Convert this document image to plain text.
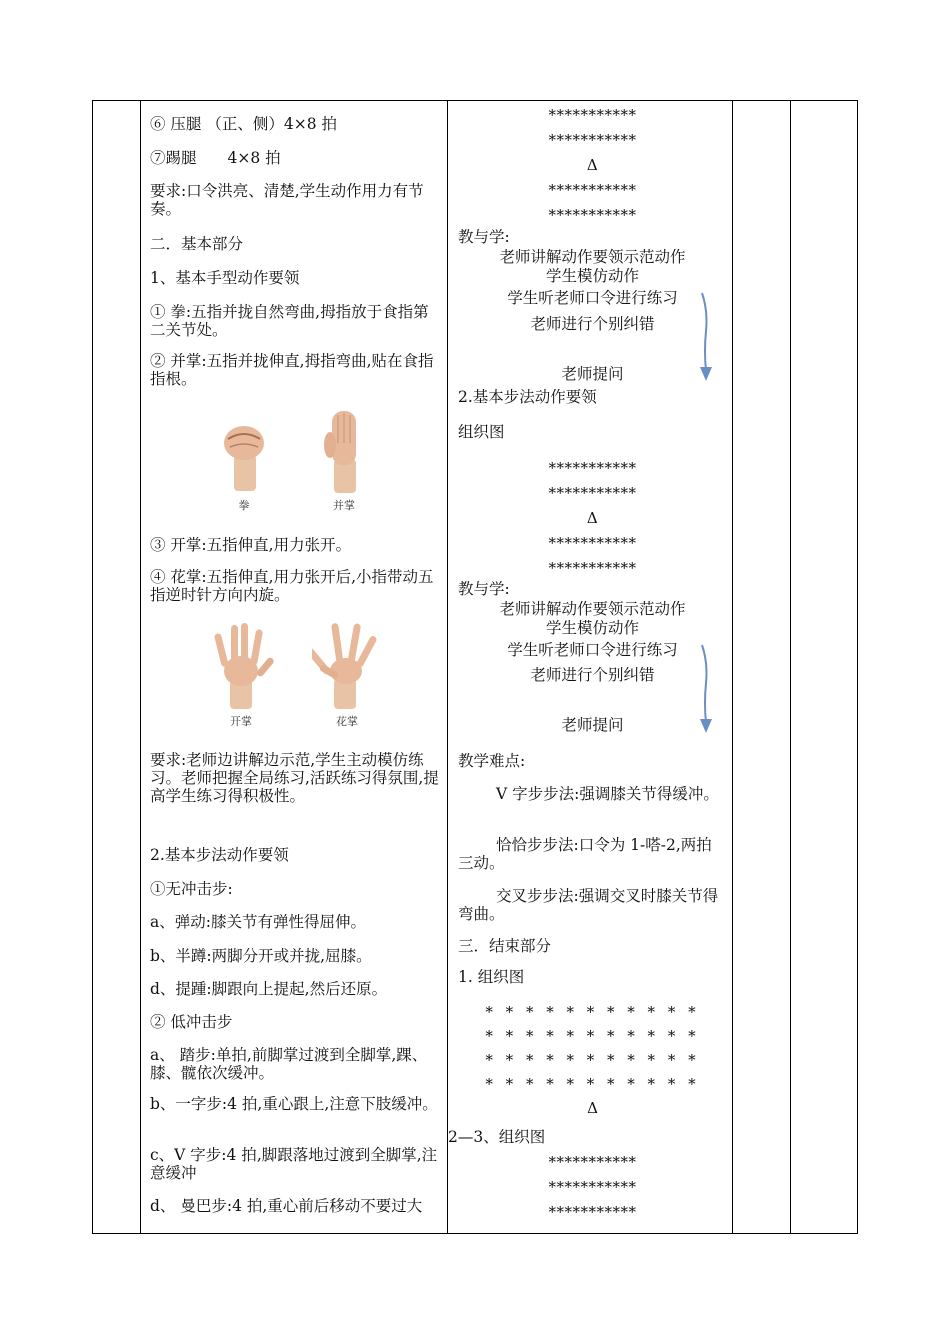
⑥ 压腿 （正、侧）4×8 拍

⑦踢腿　　4×8 拍

要求:口令洪亮、清楚,学生动作用力有节奏。

二．基本部分

1、基本手型动作要领

① 拳:五指并拢自然弯曲,拇指放于食指第二关节处。

② 并掌:五指并拢伸直,拇指弯曲,贴在食指指根。

拳	并掌

③ 开掌:五指伸直,用力张开。

④ 花掌:五指伸直,用力张开后,小指带动五指逆时针方向内旋。

开掌	花掌

要求:老师边讲解边示范,学生主动模仿练习。老师把握全局练习,活跃练习得氛围,提高学生练习得积极性。

2.基本步法动作要领

①无冲击步:

a、弹动:膝关节有弹性得屈伸。

b、半蹲:两脚分开或并拢,屈膝。

d、提踵:脚跟向上提起,然后还原。

② 低冲击步

a、 踏步:单拍,前脚掌过渡到全脚掌,踝、膝、髋依次缓冲。

b、一字步:4 拍,重心跟上,注意下肢缓冲。

c、V 字步:4 拍,脚跟落地过渡到全脚掌,注意缓冲

d、 曼巴步:4 拍,重心前后移动不要过大

***********
***********
Δ
***********
***********

教与学:

老师讲解动作要领示范动作

学生模仿动作

学生听老师口令进行练习

老师进行个别纠错

老师提问

2.基本步法动作要领

组织图

***********
***********
Δ
***********
***********

教与学:

老师讲解动作要领示范动作

学生模仿动作

学生听老师口令进行练习

老师进行个别纠错

老师提问

教学难点:

V 字步步法:强调膝关节得缓冲。

恰恰步步法:口令为 1-嗒-2,两拍三动。

交叉步步法:强调交叉时膝关节得弯曲。

三．结束部分

1. 组织图

* * * * * * * * * * *
* * * * * * * * * * *
* * * * * * * * * * *
* * * * * * * * * * *
Δ

2—3、组织图

***********
***********
***********
